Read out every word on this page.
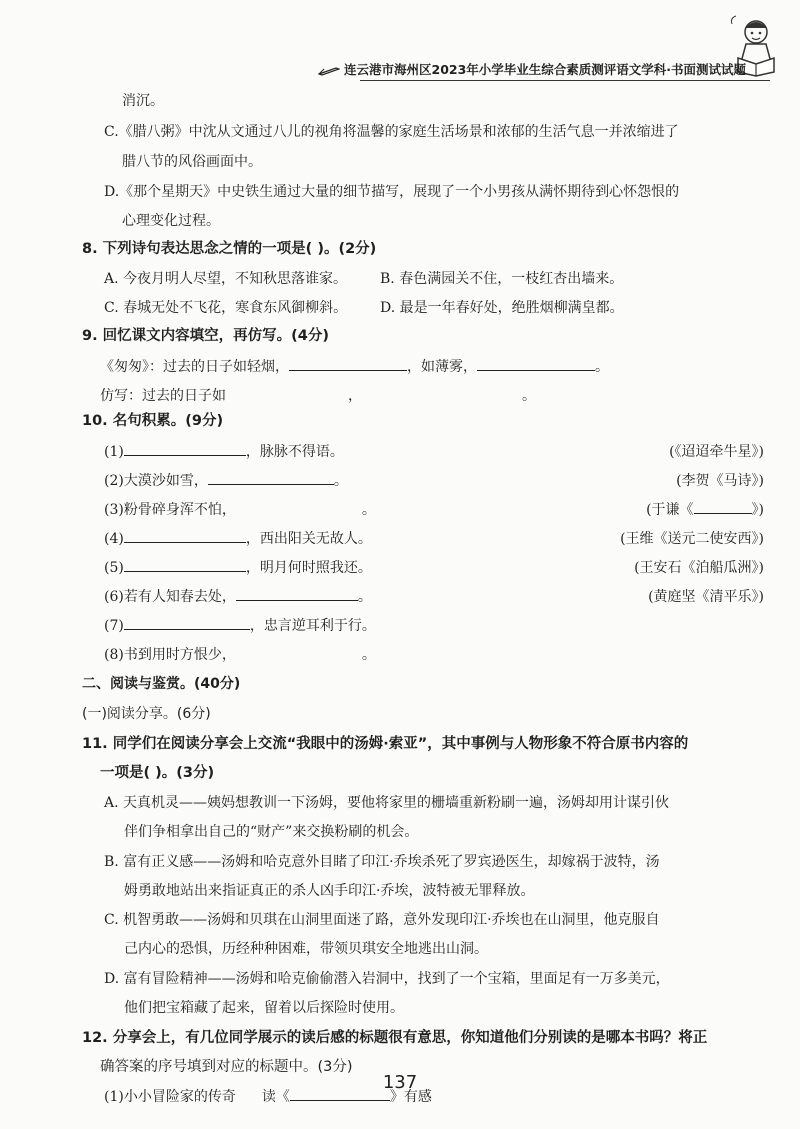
连云港市海州区2023年小学毕业生综合素质测评语文学科·书面测试试题
消沉。
C.《腊八粥》中沈从文通过八儿的视角将温馨的家庭生活场景和浓郁的生活气息一并浓缩进了
腊八节的风俗画面中。
D.《那个星期天》中史铁生通过大量的细节描写，展现了一个小男孩从满怀期待到心怀怨恨的
心理变化过程。
8. 下列诗句表达思念之情的一项是( )。(2分)
A. 今夜月明人尽望，不知秋思落谁家。 B. 春色满园关不住，一枝红杏出墙来。
C. 春城无处不飞花，寒食东风御柳斜。 D. 最是一年春好处，绝胜烟柳满皇都。
9. 回忆课文内容填空，再仿写。(4分)
《匆匆》：过去的日子如轻烟，	，如薄雾，	。
仿写：过去的日子如	，	。
10. 名句积累。(9分)
(1)	，脉脉不得语。	(《迢迢牵牛星》)
(2)大漠沙如雪，	。	(李贺《马诗》)
(3)粉骨碎身浑不怕，	。	(于谦《	》)
(4)	，西出阳关无故人。	(王维《送元二使安西》)
(5)	，明月何时照我还。	(王安石《泊船瓜洲》)
(6)若有人知春去处，	。	(黄庭坚《清平乐》)
(7)	，忠言逆耳利于行。
(8)书到用时方恨少，	。
二、阅读与鉴赏。(40分)
(一)阅读分享。(6分)
11. 同学们在阅读分享会上交流“我眼中的汤姆·索亚”，其中事例与人物形象不符合原书内容的
一项是( )。(3分)
A. 天真机灵——姨妈想教训一下汤姆，要他将家里的栅墙重新粉刷一遍，汤姆却用计谋引伙
伴们争相拿出自己的“财产”来交换粉刷的机会。
B. 富有正义感——汤姆和哈克意外目睹了印江·乔埃杀死了罗宾逊医生，却嫁祸于波特，汤
姆勇敢地站出来指证真正的杀人凶手印江·乔埃，波特被无罪释放。
C. 机智勇敢——汤姆和贝琪在山洞里面迷了路，意外发现印江·乔埃也在山洞里，他克服自
己内心的恐惧，历经种种困难，带领贝琪安全地逃出山洞。
D. 富有冒险精神——汤姆和哈克偷偷潜入岩洞中，找到了一个宝箱，里面足有一万多美元，
他们把宝箱藏了起来，留着以后探险时使用。
12. 分享会上，有几位同学展示的读后感的标题很有意思，你知道他们分别读的是哪本书吗？将正
确答案的序号填到对应的标题中。(3分)
(1)小小冒险家的传奇 读《	》有感
137
